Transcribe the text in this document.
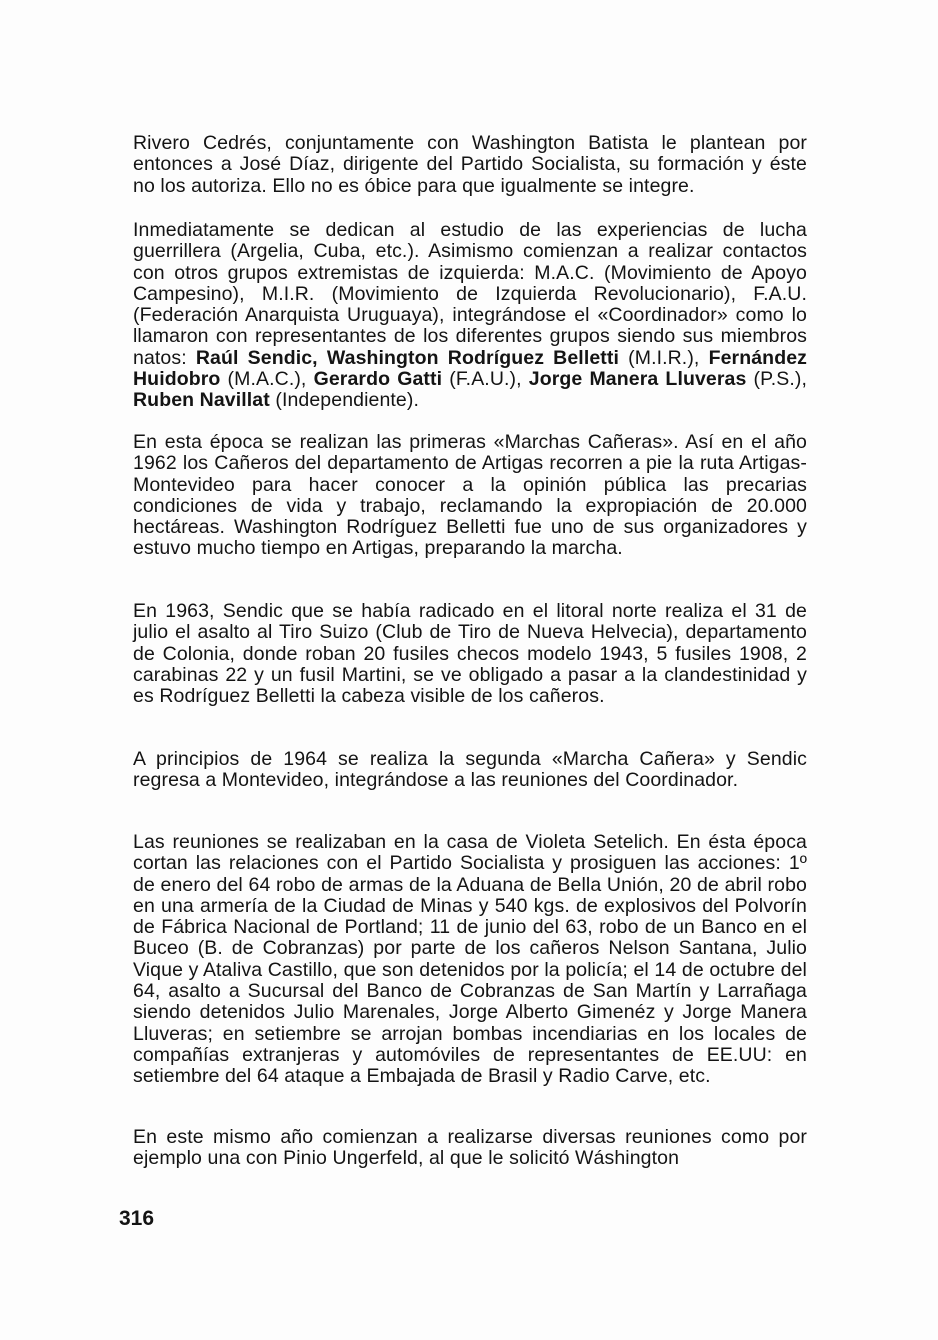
Rivero Cedrés, conjuntamente con Washington Batista le plantean por entonces a José Díaz, dirigente del Partido Socialista, su formación y éste no los autoriza. Ello no es óbice para que igualmente se integre.

Inmediatamente se dedican al estudio de las experiencias de lucha guerrillera (Argelia, Cuba, etc.). Asimismo comienzan a realizar contactos con otros grupos extremistas de izquierda: M.A.C. (Movimiento de Apoyo Campesino), M.I.R. (Movimiento de Izquierda Revolucionario), F.A.U. (Federación Anarquista Uruguaya), integrándose el «Coordinador» como lo llamaron con representantes de los diferentes grupos siendo sus miembros natos: Raúl Sendic, Washington Rodríguez Belletti (M.I.R.), Fernández Huidobro (M.A.C.), Gerardo Gatti (F.A.U.), Jorge Manera Lluveras (P.S.), Ruben Navillat (Independiente).

En esta época se realizan las primeras «Marchas Cañeras». Así en el año 1962 los Cañeros del departamento de Artigas recorren a pie la ruta Artigas-Montevideo para hacer conocer a la opinión pública las precarias condiciones de vida y trabajo, reclamando la expropiación de 20.000 hectáreas. Washington Rodríguez Belletti fue uno de sus organizadores y estuvo mucho tiempo en Artigas, preparando la marcha.

En 1963, Sendic que se había radicado en el litoral norte realiza el 31 de julio el asalto al Tiro Suizo (Club de Tiro de Nueva Helvecia), departamento de Colonia, donde roban 20 fusiles checos modelo 1943, 5 fusiles 1908, 2 carabinas 22 y un fusil Martini, se ve obligado a pasar a la clandestinidad y es Rodríguez Belletti la cabeza visible de los cañeros.

A principios de 1964 se realiza la segunda «Marcha Cañera» y Sendic regresa a Montevideo, integrándose a las reuniones del Coordinador.

Las reuniones se realizaban en la casa de Violeta Setelich. En ésta época cortan las relaciones con el Partido Socialista y prosiguen las acciones: 1º de enero del 64 robo de armas de la Aduana de Bella Unión, 20 de abril robo en una armería de la Ciudad de Minas y 540 kgs. de explosivos del Polvorín de Fábrica Nacional de Portland; 11 de junio del 63, robo de un Banco en el Buceo (B. de Cobranzas) por parte de los cañeros Nelson Santana, Julio Vique y Ataliva Castillo, que son detenidos por la policía; el 14 de octubre del 64, asalto a Sucursal del Banco de Cobranzas de San Martín y Larrañaga siendo detenidos Julio Marenales, Jorge Alberto Gimenéz y Jorge Manera Lluveras; en setiembre se arrojan bombas incendiarias en los locales de compañías extranjeras y automóviles de representantes de EE.UU: en setiembre del 64 ataque a Embajada de Brasil y Radio Carve, etc.

En este mismo año comienzan a realizarse diversas reuniones como por ejemplo una con Pinio Ungerfeld, al que le solicitó Wáshington

316
